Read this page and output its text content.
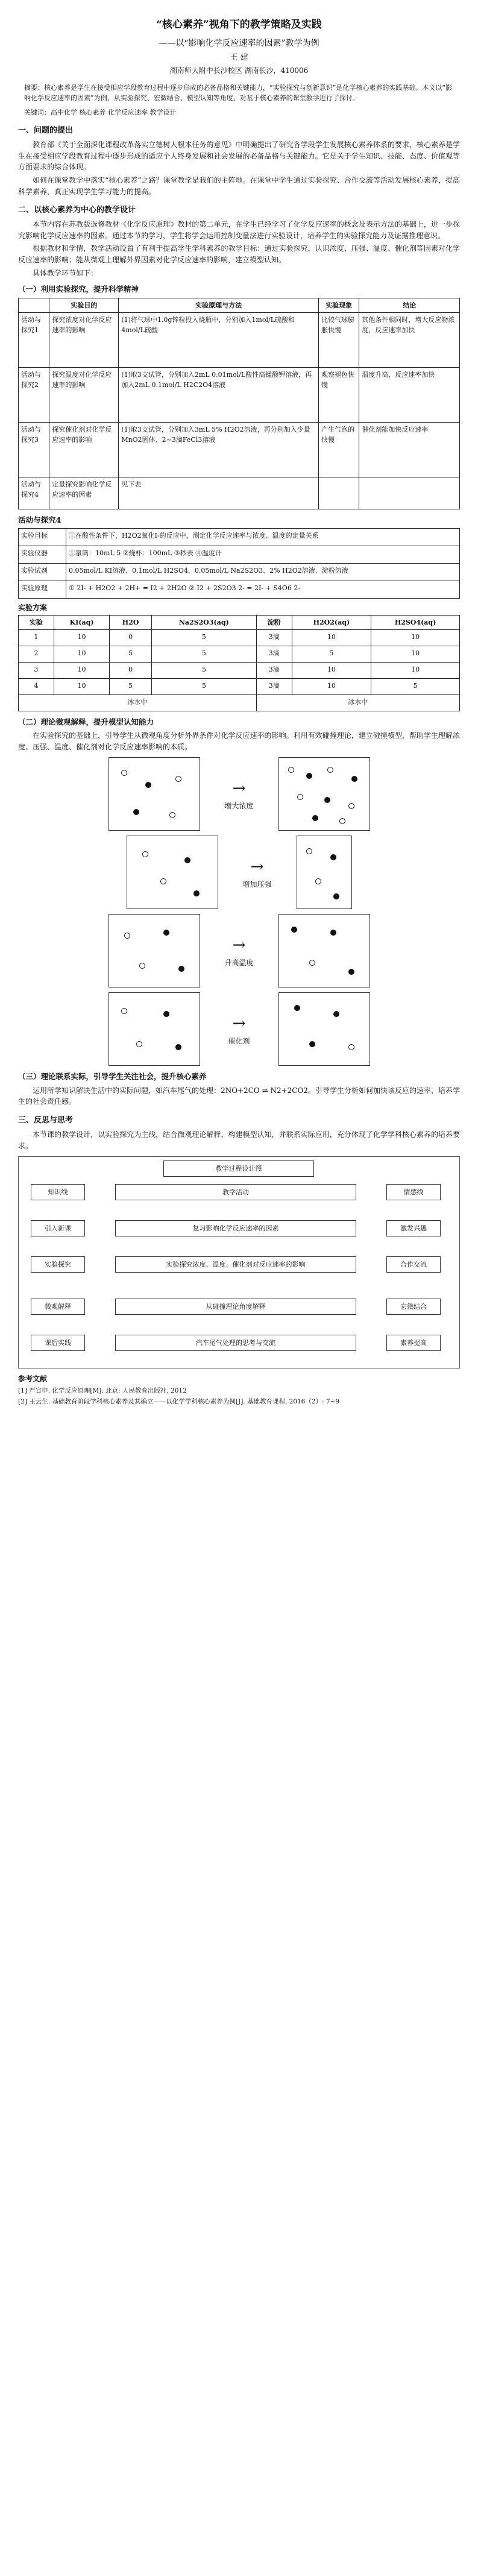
“核心素养”视角下的教学策略及实践
——以“影响化学反应速率的因素”教学为例
王 建
湖南师大附中长沙校区 湖南长沙，410006
摘要：核心素养是学生在接受相应学段教育过程中逐步形成的必备品格和关键能力，“实验探究与创新意识”是化学核心素养的实践基础。本文以“影响化学反应速率的因素”为例，从实验探究、宏微结合、模型认知等角度，对基于核心素养的课堂教学进行了探讨。
关键词：高中化学 核心素养 化学反应速率 教学设计
一、问题的提出

教育部《关于全面深化课程改革落实立德树人根本任务的意见》中明确提出了研究各学段学生发展核心素养体系的要求，核心素养是学生在接受相应学段教育过程中逐步形成的适应个人终身发展和社会发展的必备品格与关键能力。它是关于学生知识、技能、态度、价值观等方面要求的综合体现。

如何在课堂教学中落实“核心素养”之路？课堂教学是我们的主阵地。在课堂中学生通过实验探究、合作交流等活动发展核心素养，提高科学素养，真正实现学生学习能力的提高。

二、以核心素养为中心的教学设计

本节内容在苏教版选修教材《化学反应原理》教材的第二单元，在学生已经学习了化学反应速率的概念及表示方法的基础上，进一步探究影响化学反应速率的因素。通过本节的学习，学生将学会运用控制变量法进行实验设计，培养学生的实验探究能力及证据推理意识。

根据教材和学情，教学活动设置了有利于提高学生学科素养的教学目标：通过实验探究，认识浓度、压强、温度、催化剂等因素对化学反应速率的影响；能从微观上理解外界因素对化学反应速率的影响，建立模型认知。

具体教学环节如下：

（一）利用实验探究，提升科学精神
	实验目的	实验原理与方法	实验现象	结论
活动与探究1	探究浓度对化学反应速率的影响	(1)将气球中1.0g锌粒投入烧瓶中，分别加入1mol/L硫酸和4mol/L硫酸	比较气球膨胀快慢	其他条件相同时，增大反应物浓度，反应速率加快
活动与探究2	探究温度对化学反应速率的影响	(1)取3支试管，分别加入2mL 0.01mol/L酸性高锰酸钾溶液，再加入2mL 0.1mol/L H2C2O4溶液	观察褪色快慢	温度升高，反应速率加快
活动与探究3	探究催化剂对化学反应速率的影响	(1)取3支试管，分别加入3mL 5% H2O2溶液，再分别加入少量MnO2固体、2~3滴FeCl3溶液	产生气泡的快慢	催化剂能加快反应速率
活动与探究4	定量探究影响化学反应速率的因素	见下表		
活动与探究4
实验目标	①在酸性条件下，H2O2氧化I-的反应中，测定化学反应速率与浓度、温度的定量关系
实验仪器	①量筒：10mL 5 ②烧杯：100mL ③秒表 ④温度计
实验试剂	0.05mol/L KI溶液、0.1mol/L H2SO4、0.05mol/L Na2S2O3、2% H2O2溶液、淀粉溶液
实验原理	① 2I- + H2O2 + 2H+ = I2 + 2H2O ② I2 + 2S2O3 2- = 2I- + S4O6 2-
实验方案
实验	KI(aq)	H2O	Na2S2O3(aq)	淀粉	H2O2(aq)	H2SO4(aq)
1	10	0	5	3滴	10	10
2	10	5	5	3滴	5	10
3	10	0	5	3滴	10	10
4	10	5	5	3滴	10	5
冰水中				冰水中		
（二）理论微观解释，提升模型认知能力

在实验探究的基础上，引导学生从微观角度分析外界条件对化学反应速率的影响。利用有效碰撞理论，建立碰撞模型，帮助学生理解浓度、压强、温度、催化剂对化学反应速率影响的本质。

→
增大浓度
→
增加压强
→
升高温度
→
催化剂
（三）理论联系实际，引导学生关注社会，提升核心素养

运用所学知识解决生活中的实际问题，如汽车尾气的处理：2NO+2CO ⇌ N2+2CO2。引导学生分析如何加快该反应的速率，培养学生的社会责任感。

三、反思与思考

本节课的教学设计，以实验探究为主线，结合微观理论解释，构建模型认知，并联系实际应用，充分体现了化学学科核心素养的培养要求。

教学过程设计图
知识线
引入新课
实验探究
微观解释
课后实践
教学活动
复习影响化学反应速率的因素
实验探究浓度、温度、催化剂对反应速率的影响
从碰撞理论角度解释
汽车尾气处理的思考与交流
情感线
激发兴趣
合作交流
宏微结合
素养提高
参考文献
[1] 严宣申. 化学反应原理[M]. 北京: 人民教育出版社, 2012
[2] 王云生. 基础教育阶段学科核心素养及其确立——以化学学科核心素养为例[J]. 基础教育课程, 2016（2）: 7~9
